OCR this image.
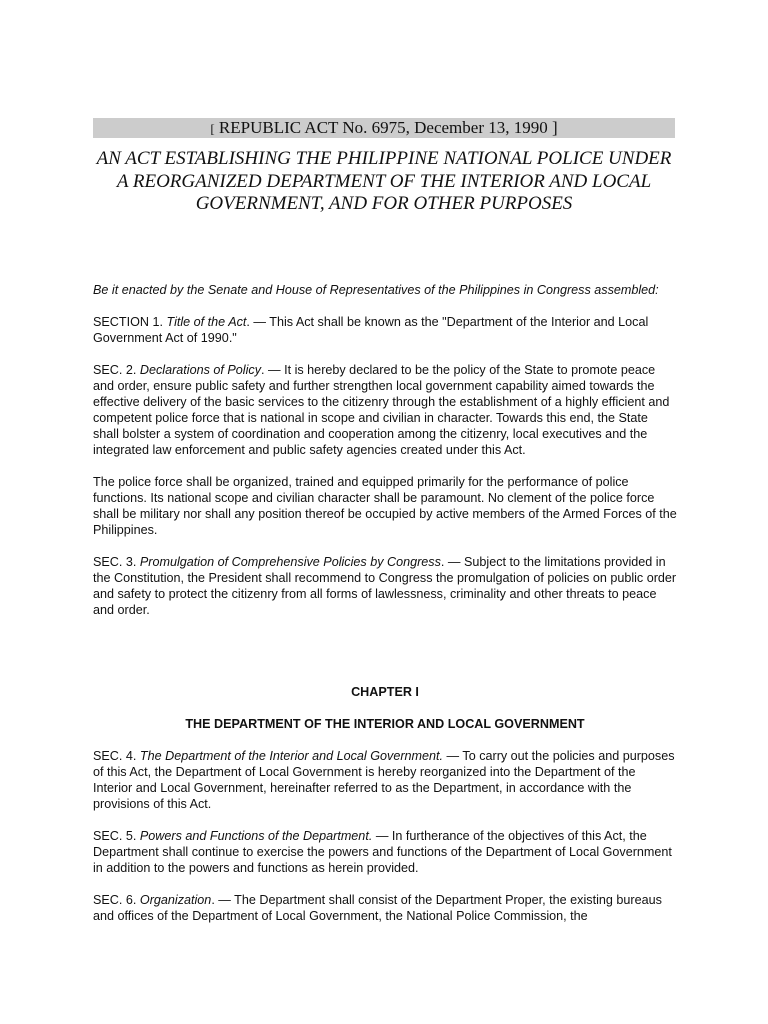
[ REPUBLIC ACT No. 6975, December 13, 1990 ]
AN ACT ESTABLISHING THE PHILIPPINE NATIONAL POLICE UNDER A REORGANIZED DEPARTMENT OF THE INTERIOR AND LOCAL GOVERNMENT, AND FOR OTHER PURPOSES

Be it enacted by the Senate and House of Representatives of the Philippines in Congress assembled:

SECTION 1. Title of the Act. — This Act shall be known as the "Department of the Interior and Local Government Act of 1990."

SEC. 2. Declarations of Policy. — It is hereby declared to be the policy of the State to promote peace and order, ensure public safety and further strengthen local government capability aimed towards the effective delivery of the basic services to the citizenry through the establishment of a highly efficient and competent police force that is national in scope and civilian in character. Towards this end, the State shall bolster a system of coordination and cooperation among the citizenry, local executives and the integrated law enforcement and public safety agencies created under this Act.

The police force shall be organized, trained and equipped primarily for the performance of police functions. Its national scope and civilian character shall be paramount. No clement of the police force shall be military nor shall any position thereof be occupied by active members of the Armed Forces of the Philippines.

SEC. 3. Promulgation of Comprehensive Policies by Congress. — Subject to the limitations provided in the Constitution, the President shall recommend to Congress the promulgation of policies on public order and safety to protect the citizenry from all forms of lawlessness, criminality and other threats to peace and order.

CHAPTER I

THE DEPARTMENT OF THE INTERIOR AND LOCAL GOVERNMENT

SEC. 4. The Department of the Interior and Local Government. — To carry out the policies and purposes of this Act, the Department of Local Government is hereby reorganized into the Department of the Interior and Local Government, hereinafter referred to as the Department, in accordance with the provisions of this Act.

SEC. 5. Powers and Functions of the Department. — In furtherance of the objectives of this Act, the Department shall continue to exercise the powers and functions of the Department of Local Government in addition to the powers and functions as herein provided.

SEC. 6. Organization. — The Department shall consist of the Department Proper, the existing bureaus and offices of the Department of Local Government, the National Police Commission, the
